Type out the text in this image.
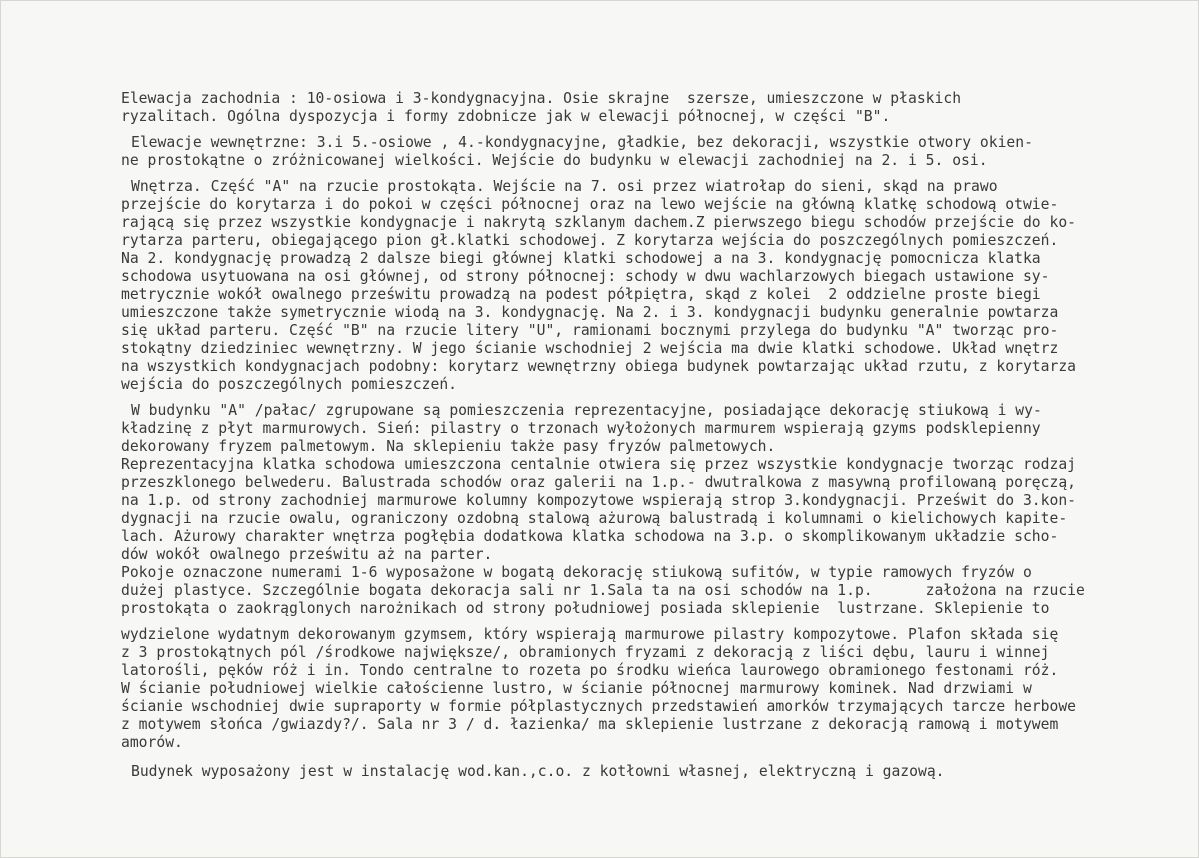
Elewacja zachodnia : 10-osiowa i 3-kondygnacyjna. Osie skrajne  szersze, umieszczone w płaskich
ryzalitach. Ogólna dyspozycja i formy zdobnicze jak w elewacji północnej, w części "B".
Elewacje wewnętrzne: 3.i 5.-osiowe , 4.-kondygnacyjne, gładkie, bez dekoracji, wszystkie otwory okien-
ne prostokątne o zróżnicowanej wielkości. Wejście do budynku w elewacji zachodniej na 2. i 5. osi.
Wnętrza. Część "A" na rzucie prostokąta. Wejście na 7. osi przez wiatrołap do sieni, skąd na prawo
przejście do korytarza i do pokoi w części północnej oraz na lewo wejście na główną klatkę schodową otwie-
rającą się przez wszystkie kondygnacje i nakrytą szklanym dachem.Z pierwszego biegu schodów przejście do ko-
rytarza parteru, obiegającego pion gł.klatki schodowej. Z korytarza wejścia do poszczególnych pomieszczeń.
Na 2. kondygnację prowadzą 2 dalsze biegi głównej klatki schodowej a na 3. kondygnację pomocnicza klatka
schodowa usytuowana na osi głównej, od strony północnej: schody w dwu wachlarzowych biegach ustawione sy-
metrycznie wokół owalnego prześwitu prowadzą na podest półpiętra, skąd z kolei  2 oddzielne proste biegi
umieszczone także symetrycznie wiodą na 3. kondygnację. Na 2. i 3. kondygnacji budynku generalnie powtarza
się układ parteru. Część "B" na rzucie litery "U", ramionami bocznymi przylega do budynku "A" tworząc pro-
stokątny dziedziniec wewnętrzny. W jego ścianie wschodniej 2 wejścia ma dwie klatki schodowe. Układ wnętrz
na wszystkich kondygnacjach podobny: korytarz wewnętrzny obiega budynek powtarzając układ rzutu, z korytarza
wejścia do poszczególnych pomieszczeń.
W budynku "A" /pałac/ zgrupowane są pomieszczenia reprezentacyjne, posiadające dekorację stiukową i wy-
kładzinę z płyt marmurowych. Sień: pilastry o trzonach wyłożonych marmurem wspierają gzyms podsklepienny
dekorowany fryzem palmetowym. Na sklepieniu także pasy fryzów palmetowych.
Reprezentacyjna klatka schodowa umieszczona centalnie otwiera się przez wszystkie kondygnacje tworząc rodzaj
przeszklonego belwederu. Balustrada schodów oraz galerii na 1.p.- dwutralkowa z masywną profilowaną poręczą,
na 1.p. od strony zachodniej marmurowe kolumny kompozytowe wspierają strop 3.kondygnacji. Prześwit do 3.kon-
dygnacji na rzucie owalu, ograniczony ozdobną stalową ażurową balustradą i kolumnami o kielichowych kapite-
lach. Ażurowy charakter wnętrza pogłębia dodatkowa klatka schodowa na 3.p. o skomplikowanym układzie scho-
dów wokół owalnego prześwitu aż na parter.
Pokoje oznaczone numerami 1-6 wyposażone w bogatą dekorację stiukową sufitów, w typie ramowych fryzów o
dużej plastyce. Szczególnie bogata dekoracja sali nr 1.Sala ta na osi schodów na 1.p.      założona na rzucie
prostokąta o zaokrąglonych narożnikach od strony południowej posiada sklepienie  lustrzane. Sklepienie to
wydzielone wydatnym dekorowanym gzymsem, który wspierają marmurowe pilastry kompozytowe. Plafon składa się
z 3 prostokątnych pól /środkowe największe/, obramionych fryzami z dekoracją z liści dębu, lauru i winnej
latorośli, pęków róż i in. Tondo centralne to rozeta po środku wieńca laurowego obramionego festonami róż.
W ścianie południowej wielkie całościenne lustro, w ścianie północnej marmurowy kominek. Nad drzwiami w
ścianie wschodniej dwie supraporty w formie półplastycznych przedstawień amorków trzymających tarcze herbowe
z motywem słońca /gwiazdy?/. Sala nr 3 / d. łazienka/ ma sklepienie lustrzane z dekoracją ramową i motywem
amorów.
Budynek wyposażony jest w instalację wod.kan.,c.o. z kotłowni własnej, elektryczną i gazową.
